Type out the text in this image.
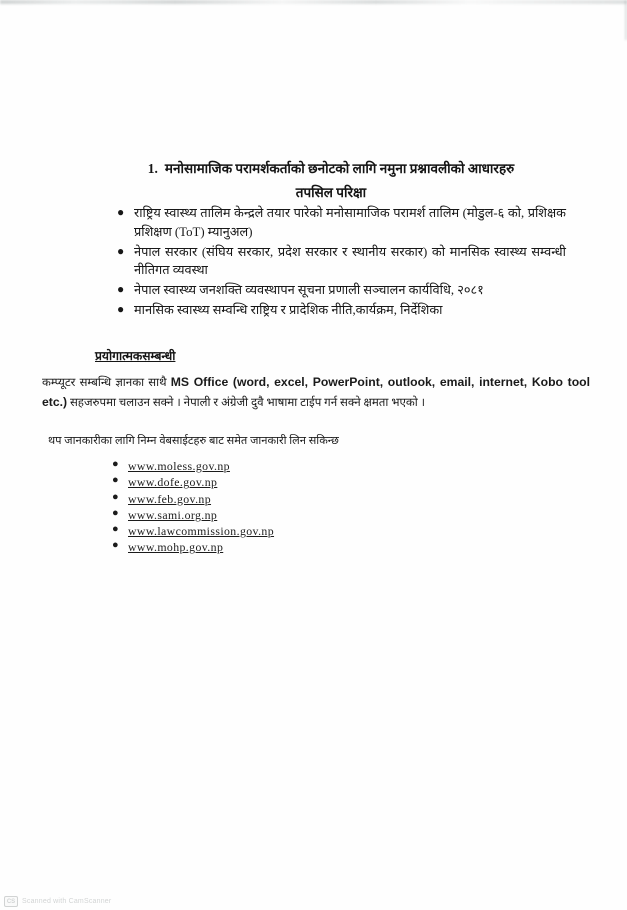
1. मनोसामाजिक परामर्शकर्ताको छनोटको लागि नमुना प्रश्नावलीको आधारहरु
तपसिल परिक्षा
● राष्ट्रिय स्वास्थ्य तालिम केन्द्रले तयार पारेको मनोसामाजिक परामर्श तालिम (मोडुल-६ को, प्रशिक्षक प्रशिक्षण (ToT) म्यानुअल)
● नेपाल सरकार (संघिय सरकार, प्रदेश सरकार र स्थानीय सरकार) को मानसिक स्वास्थ्य सम्वन्धी नीतिगत व्यवस्था
● नेपाल स्वास्थ्य जनशक्ति व्यवस्थापन सूचना प्रणाली सञ्चालन कार्यविधि, २०८१
● मानसिक स्वास्थ्य सम्वन्धि राष्ट्रिय र प्रादेशिक नीति,कार्यक्रम, निर्देशिका
प्रयोगात्मकसम्बन्धी

कम्प्यूटर सम्बन्धि ज्ञानका साथै MS Office (word, excel, PowerPoint, outlook, email, internet, Kobo tool etc.) सहजरुपमा चलाउन सक्ने । नेपाली र अंग्रेजी दुवै भाषामा टाईप गर्न सक्ने क्षमता भएको ।

थप जानकारीका लागि निम्न वेबसाईटहरु बाट समेत जानकारी लिन सकिन्छ
● www.moless.gov.np
● www.dofe.gov.np
● www.feb.gov.np
● www.sami.org.np
● www.lawcommission.gov.np
● www.mohp.gov.np
CS Scanned with CamScanner
